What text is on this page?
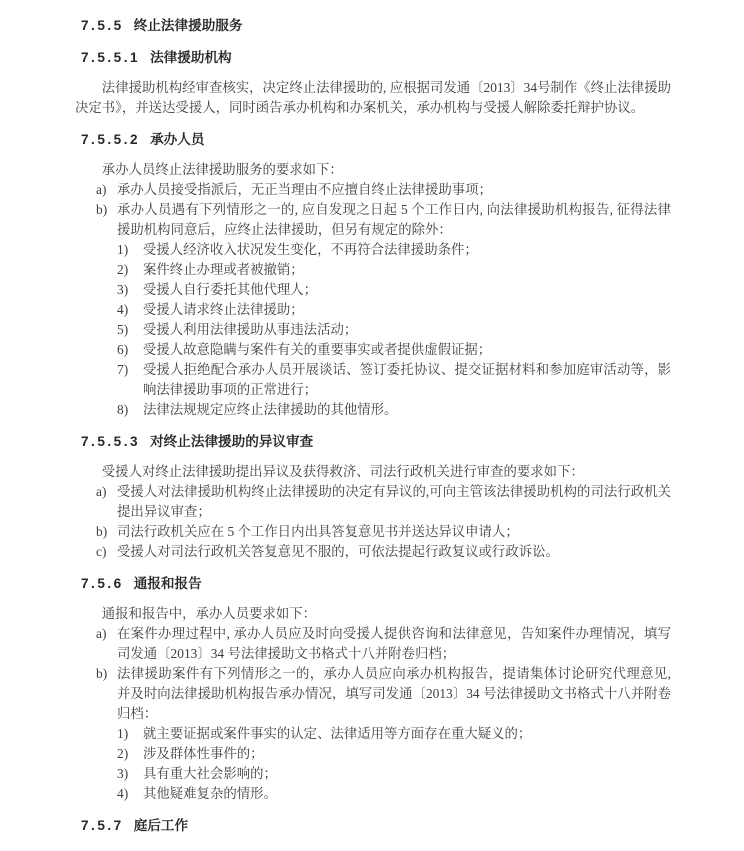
7.5.5 终止法律援助服务
7.5.5.1 法律援助机构

法律援助机构经审查核实，决定终止法律援助的, 应根据司发通〔2013〕34号制作《终止法律援助决定书》，并送达受援人，同时函告承办机构和办案机关，承办机构与受援人解除委托辩护协议。

7.5.5.2 承办人员

承办人员终止法律援助服务的要求如下：

a) 承办人员接受指派后，无正当理由不应擅自终止法律援助事项；
b) 承办人员遇有下列情形之一的, 应自发现之日起 5 个工作日内, 向法律援助机构报告, 征得法律援助机构同意后，应终止法律援助，但另有规定的除外：
1) 受援人经济收入状况发生变化，不再符合法律援助条件；
2) 案件终止办理或者被撤销；
3) 受援人自行委托其他代理人；
4) 受援人请求终止法律援助；
5) 受援人利用法律援助从事违法活动；
6) 受援人故意隐瞒与案件有关的重要事实或者提供虚假证据；
7) 受援人拒绝配合承办人员开展谈话、签订委托协议、提交证据材料和参加庭审活动等，影响法律援助事项的正常进行；
8) 法律法规规定应终止法律援助的其他情形。
7.5.5.3 对终止法律援助的异议审查

受援人对终止法律援助提出异议及获得救济、司法行政机关进行审查的要求如下：

a) 受援人对法律援助机构终止法律援助的决定有异议的,可向主管该法律援助机构的司法行政机关提出异议审查；
b) 司法行政机关应在 5 个工作日内出具答复意见书并送达异议申请人；
c) 受援人对司法行政机关答复意见不服的，可依法提起行政复议或行政诉讼。
7.5.6 通报和报告

通报和报告中，承办人员要求如下：

a) 在案件办理过程中, 承办人员应及时向受援人提供咨询和法律意见，告知案件办理情况，填写司发通〔2013〕34 号法律援助文书格式十八并附卷归档；
b) 法律援助案件有下列情形之一的，承办人员应向承办机构报告，提请集体讨论研究代理意见, 并及时向法律援助机构报告承办情况，填写司发通〔2013〕34 号法律援助文书格式十八并附卷归档：
1) 就主要证据或案件事实的认定、法律适用等方面存在重大疑义的；
2) 涉及群体性事件的；
3) 具有重大社会影响的；
4) 其他疑难复杂的情形。
7.5.7 庭后工作
